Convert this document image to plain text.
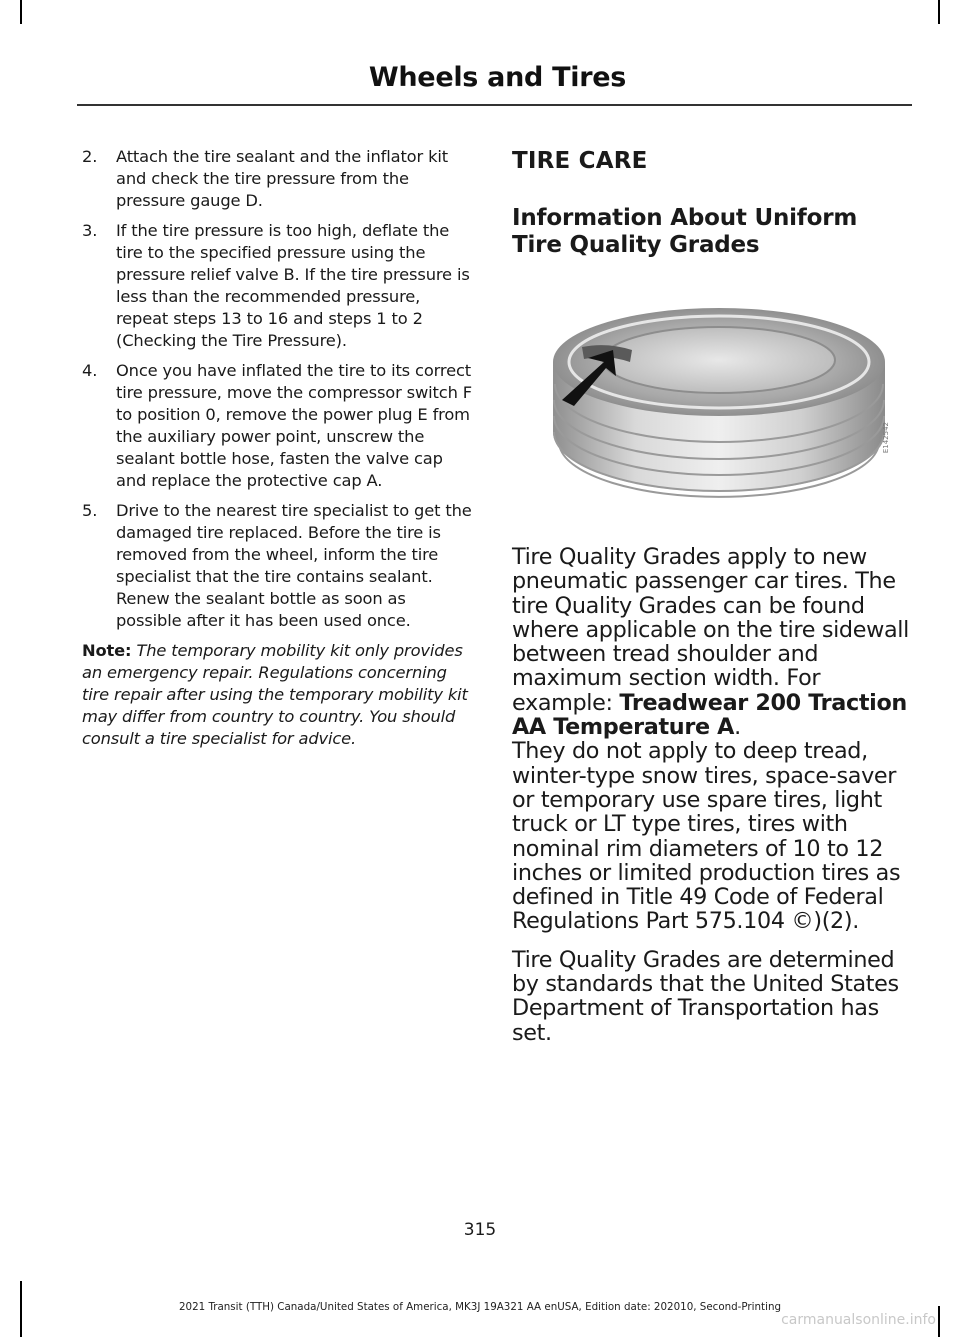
Wheels and Tires
2.	Attach the tire sealant and the inflator kit and check the tire pressure from the pressure gauge D.
3.	If the tire pressure is too high, deflate the tire to the specified pressure using the pressure relief valve B. If the tire pressure is less than the recommended pressure, repeat steps 13 to 16 and steps 1 to 2 (Checking the Tire Pressure).
4.	Once you have inflated the tire to its correct tire pressure, move the compressor switch F to position 0, remove the power plug E from the auxiliary power point, unscrew the sealant bottle hose, fasten the valve cap and replace the protective cap A.
5.	Drive to the nearest tire specialist to get the damaged tire replaced. Before the tire is removed from the wheel, inform the tire specialist that the tire contains sealant. Renew the sealant bottle as soon as possible after it has been used once.
Note: The temporary mobility kit only provides an emergency repair. Regulations concerning tire repair after using the temporary mobility kit may differ from country to country. You should consult a tire specialist for advice.
TIRE CARE
Information About Uniform Tire Quality Grades
E142542
Tire Quality Grades apply to new pneumatic passenger car tires. The tire Quality Grades can be found where applicable on the tire sidewall between tread shoulder and maximum section width. For example: Treadwear 200 Traction AA Temperature A.

They do not apply to deep tread, winter-type snow tires, space-saver or temporary use spare tires, light truck or LT type tires, tires with nominal rim diameters of 10 to 12 inches or limited production tires as defined in Title 49 Code of Federal Regulations Part 575.104 ©)(2).

Tire Quality Grades are determined by standards that the United States Department of Transportation has set.

315
2021 Transit (TTH) Canada/United States of America, MK3J 19A321 AA enUSA, Edition date: 202010, Second-Printing
carmanualsonline.info
